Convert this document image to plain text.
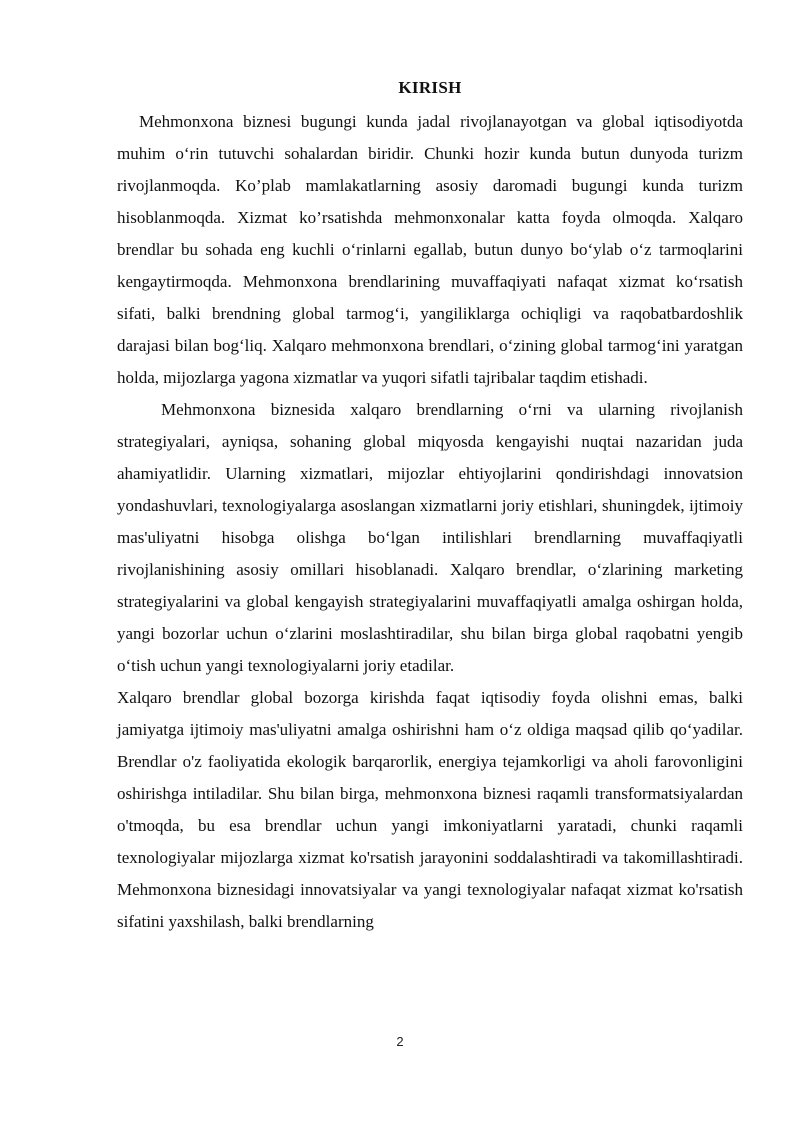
KIRISH

Mehmonxona biznesi bugungi kunda jadal rivojlanayotgan va global iqtisodiyotda muhim o‘rin tutuvchi sohalardan biridir. Chunki hozir kunda butun dunyoda turizm rivojlanmoqda. Ko’plab mamlakatlarning asosiy daromadi bugungi kunda turizm hisoblanmoqda. Xizmat ko’rsatishda mehmonxonalar katta foyda olmoqda. Xalqaro brendlar bu sohada eng kuchli o‘rinlarni egallab, butun dunyo bo‘ylab o‘z tarmoqlarini kengaytirmoqda. Mehmonxona brendlarining muvaffaqiyati nafaqat xizmat ko‘rsatish sifati, balki brendning global tarmog‘i, yangiliklarga ochiqligi va raqobatbardoshlik darajasi bilan bog‘liq. Xalqaro mehmonxona brendlari, o‘zining global tarmog‘ini yaratgan holda, mijozlarga yagona xizmatlar va yuqori sifatli tajribalar taqdim etishadi.

Mehmonxona biznesida xalqaro brendlarning o‘rni va ularning rivojlanish strategiyalari, ayniqsa, sohaning global miqyosda kengayishi nuqtai nazaridan juda ahamiyatlidir. Ularning xizmatlari, mijozlar ehtiyojlarini qondirishdagi innovatsion yondashuvlari, texnologiyalarga asoslangan xizmatlarni joriy etishlari, shuningdek, ijtimoiy mas'uliyatni hisobga olishga bo‘lgan intilishlari brendlarning muvaffaqiyatli rivojlanishining asosiy omillari hisoblanadi. Xalqaro brendlar, o‘zlarining marketing strategiyalarini va global kengayish strategiyalarini muvaffaqiyatli amalga oshirgan holda, yangi bozorlar uchun o‘zlarini moslashtiradilar, shu bilan birga global raqobatni yengib o‘tish uchun yangi texnologiyalarni joriy etadilar.

Xalqaro brendlar global bozorga kirishda faqat iqtisodiy foyda olishni emas, balki jamiyatga ijtimoiy mas'uliyatni amalga oshirishni ham o‘z oldiga maqsad qilib qo‘yadilar. Brendlar o'z faoliyatida ekologik barqarorlik, energiya tejamkorligi va aholi farovonligini oshirishga intiladilar. Shu bilan birga, mehmonxona biznesi raqamli transformatsiyalardan o'tmoqda, bu esa brendlar uchun yangi imkoniyatlarni yaratadi, chunki raqamli texnologiyalar mijozlarga xizmat ko'rsatish jarayonini soddalashtiradi va takomillashtiradi. Mehmonxona biznesidagi innovatsiyalar va yangi texnologiyalar nafaqat xizmat ko'rsatish sifatini yaxshilash, balki brendlarning

2
